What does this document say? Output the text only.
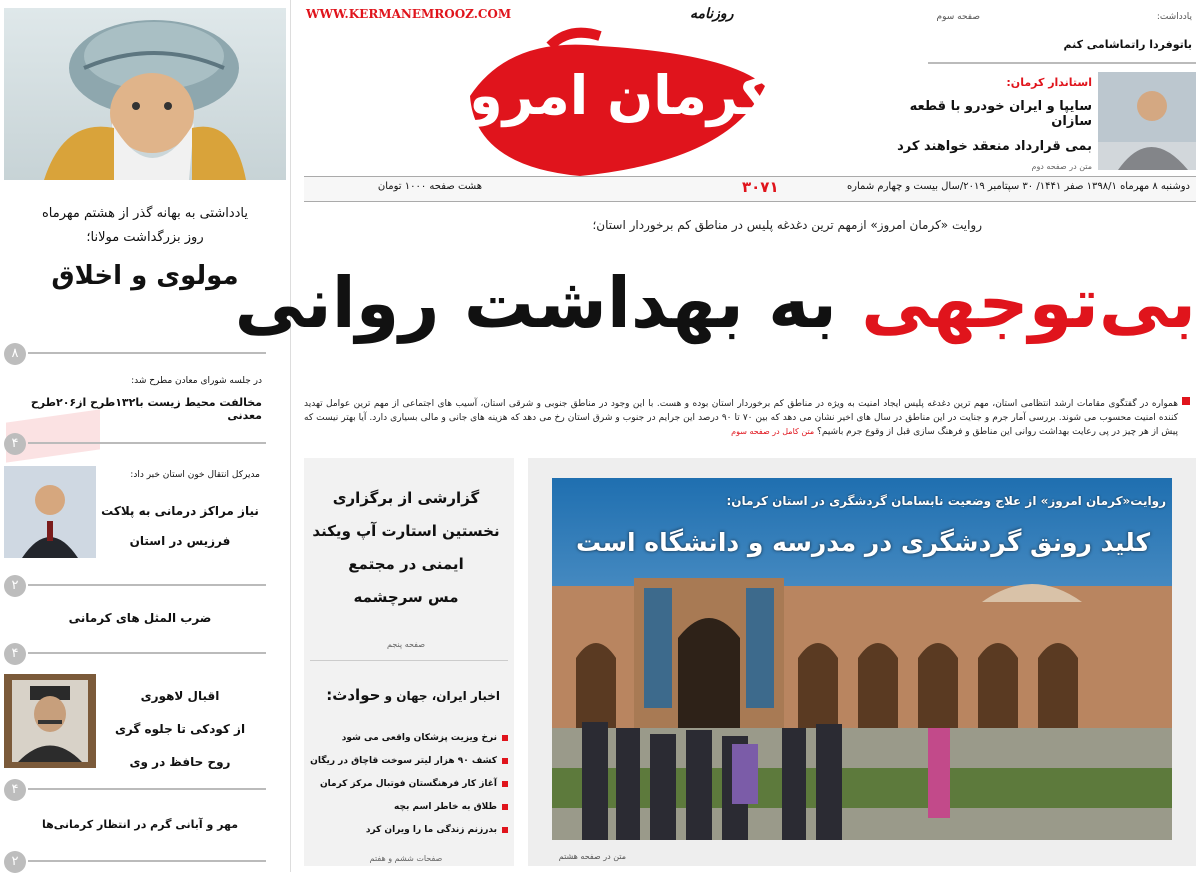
یادداشتی به بهانه گذر از هشتم مهرماه
روز بزرگداشت مولانا؛
مولوی و اخلاق
۸
در جلسه شورای معادن مطرح شد:
مخالفت محیط زیست با۱۳۲طرح از۲۰۶طرح معدنی
۴
مدیرکل انتقال خون استان خبر داد:
نیاز مراکز درمانی به پلاکت
فرزیس در استان
۲
ضرب المثل های کرمانی
۴
اقبال لاهوری
از کودکی تا جلوه گری
روح حافظ در وی
۴
مهر و آبانی گرم در انتظار کرمانی‌ها
۲
WWW.KERMANEMROOZ.COM	روزنامه
کرمان امروز
یادداشت:
صفحه سوم
باتوفردا راتماشامی کنم
استاندار کرمان:
سایپا و ایران خودرو با قطعه سازان
بمی قرارداد منعقد خواهند کرد
متن در صفحه دوم
دوشنبه ۸ مهرماه ۱۳۹۸/۱ صفر ۱۴۴۱/ ۳۰ سپتامبر ۲۰۱۹/سال بیست و چهارم شماره
۳۰۷۱
هشت صفحه ۱۰۰۰ تومان
روایت «کرمان امروز» ازمهم ترین دغدغه پلیس در مناطق کم برخوردار استان؛
بی‌توجهی به بهداشت روانی
همواره در گفتگوی مقامات ارشد انتظامی استان، مهم ترین دغدغه پلیس ایجاد امنیت به ویژه در مناطق کم برخوردار استان بوده و هست. با این وجود در مناطق جنوبی و شرقی استان، آسیب های اجتماعی از مهم ترین عوامل تهدید کننده امنیت محسوب می شوند. بررسی آمار جرم و جنایت در این مناطق در سال های اخیر نشان می دهد که بین ۷۰ تا ۹۰ درصد این جرایم در جنوب و شرق استان رخ می دهد که هزینه های جانی و مالی بسیاری دارد. آیا بهتر نیست که پیش از هر چیز در پی رعایت بهداشت روانی این مناطق و فرهنگ سازی قبل از وقوع جرم باشیم؟ متن کامل در صفحه سوم
گزارشی از برگزاری
نخستین استارت آپ ویکند
ایمنی در مجتمع
مس سرچشمه
صفحه پنجم
اخبار ایران، جهان و حوادث:
نرخ ویزیت پزشکان واقعی می شود
کشف ۹۰ هزار لیتر سوخت قاچاق در ریگان
آغاز کار فرهنگستان فوتبال مرکز کرمان
طلاق به خاطر اسم بچه
بدرزنم زندگی ما را ویران کرد
صفحات ششم و هفتم
روایت«کرمان امروز» از علاج وضعیت نابسامان گردشگری در استان کرمان:
کلید رونق گردشگری در مدرسه و دانشگاه است
متن در صفحه هشتم
